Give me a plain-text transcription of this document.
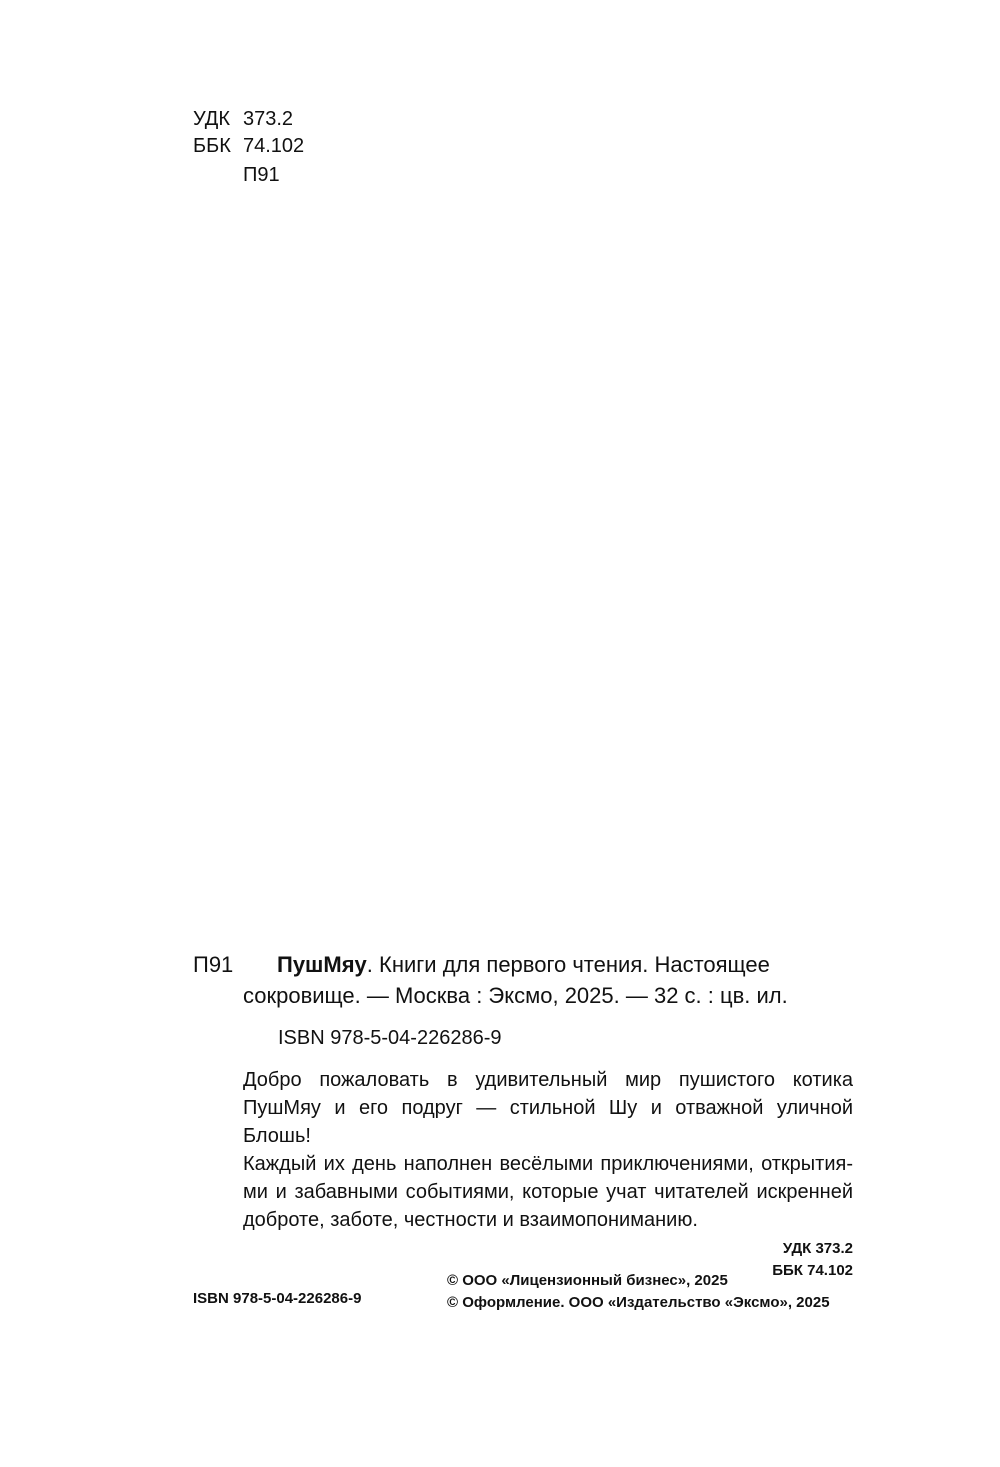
УДК 373.2
ББК 74.102
П91
П91	ПушМяу. Книги для первого чтения. Настоящее
сокровище. — Москва : Эксмо, 2025. — 32 с. : цв. ил.
ISBN 978-5-04-226286-9
Добро пожаловать в удивительный мир пушистого котика
ПушМяу и его подруг — стильной Шу и отважной уличной Блошь!
Каждый их день наполнен весёлыми приключениями, открытия-
ми и забавными событиями, которые учат читателей искренней
доброте, заботе, честности и взаимопониманию.
УДК 373.2
ББК 74.102
ISBN 978-5-04-226286-9
© ООО «Лицензионный бизнес», 2025
© Оформление. ООО «Издательство «Эксмо», 2025
